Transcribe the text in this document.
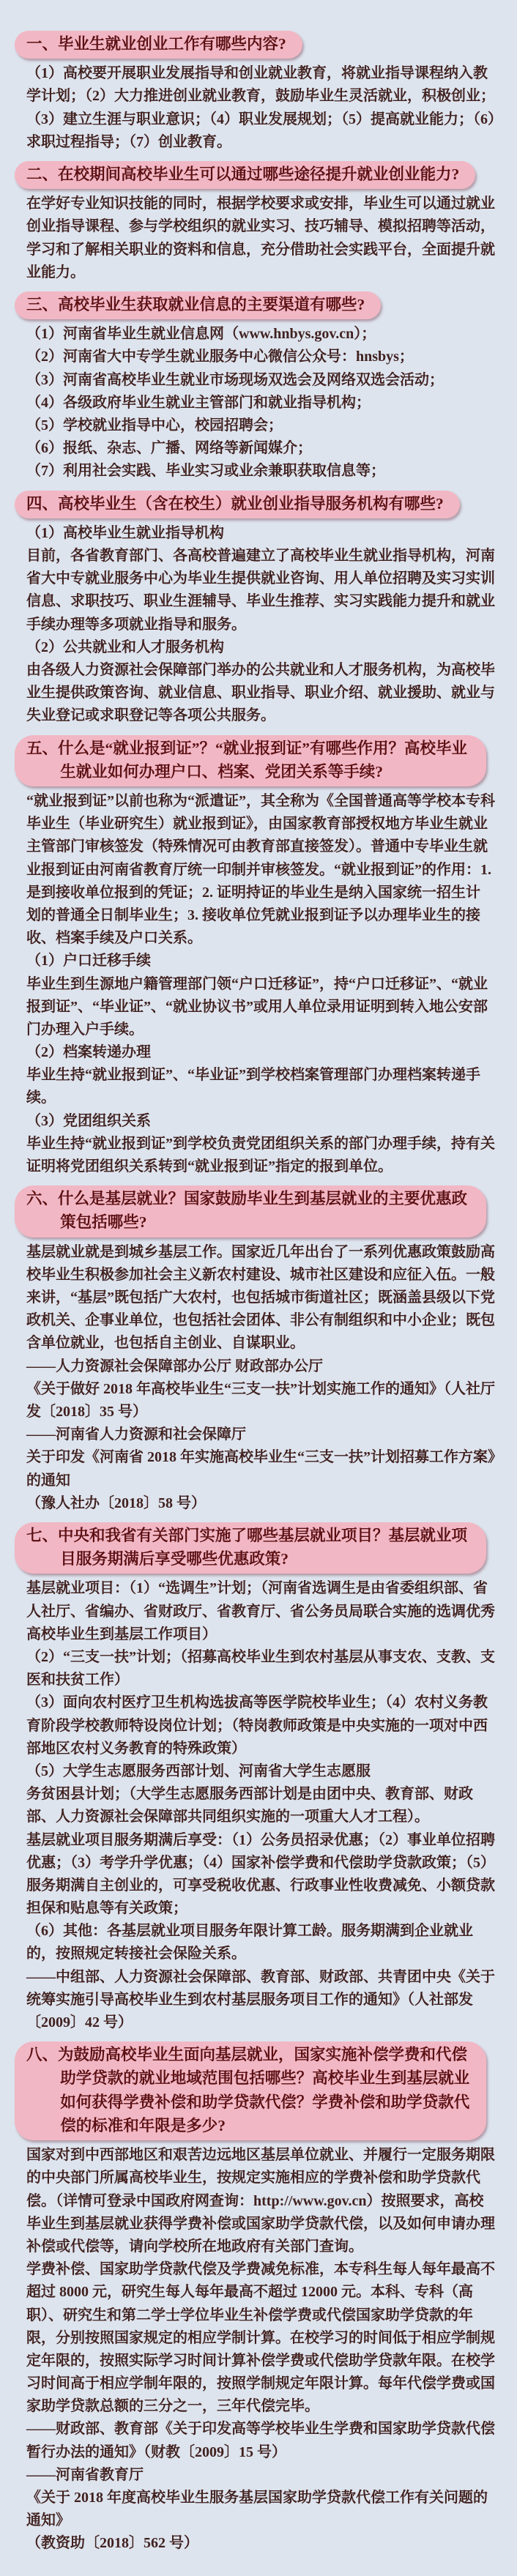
一、毕业生就业创业工作有哪些内容?

（1）高校要开展职业发展指导和创业就业教育，将就业指导课程纳入教学计划；（2）大力推进创业就业教育，鼓励毕业生灵活就业，积极创业；（3）建立生涯与职业意识；（4）职业发展规划；（5）提高就业能力；（6）求职过程指导；（7）创业教育。

二、在校期间高校毕业生可以通过哪些途径提升就业创业能力?

在学好专业知识技能的同时，根据学校要求或安排，毕业生可以通过就业创业指导课程、参与学校组织的就业实习、技巧辅导、模拟招聘等活动，学习和了解相关职业的资料和信息，充分借助社会实践平台，全面提升就业能力。

三、高校毕业生获取就业信息的主要渠道有哪些?

（1）河南省毕业生就业信息网（www.hnbys.gov.cn）；

（2）河南省大中专学生就业服务中心微信公众号：hnsbys；

（3）河南省高校毕业生就业市场现场双选会及网络双选会活动；

（4）各级政府毕业生就业主管部门和就业指导机构；

（5）学校就业指导中心，校园招聘会；

（6）报纸、杂志、广播、网络等新闻媒介；

（7）利用社会实践、毕业实习或业余兼职获取信息等；

四、高校毕业生（含在校生）就业创业指导服务机构有哪些?

（1）高校毕业生就业指导机构

目前，各省教育部门、各高校普遍建立了高校毕业生就业指导机构，河南省大中专就业服务中心为毕业生提供就业咨询、用人单位招聘及实习实训信息、求职技巧、职业生涯辅导、毕业生推荐、实习实践能力提升和就业手续办理等多项就业指导和服务。

（2）公共就业和人才服务机构

由各级人力资源社会保障部门举办的公共就业和人才服务机构，为高校毕业生提供政策咨询、就业信息、职业指导、职业介绍、就业援助、就业与失业登记或求职登记等各项公共服务。

五、什么是“就业报到证”？“就业报到证”有哪些作用？高校毕业生就业如何办理户口、档案、党团关系等手续?

“就业报到证”以前也称为“派遣证”，其全称为《全国普通高等学校本专科毕业生（毕业研究生）就业报到证》，由国家教育部授权地方毕业生就业主管部门审核签发（特殊情况可由教育部直接签发）。普通中专毕业生就业报到证由河南省教育厅统一印制并审核签发。“就业报到证”的作用：1. 是到接收单位报到的凭证；2. 证明持证的毕业生是纳入国家统一招生计

划的普通全日制毕业生；3. 接收单位凭就业报到证予以办理毕业生的接收、档案手续及户口关系。

（1）户口迁移手续

毕业生到生源地户籍管理部门领“户口迁移证”，持“户口迁移证”、“就业报到证”、“毕业证”、“就业协议书”或用人单位录用证明到转入地公安部门办理入户手续。

（2）档案转递办理

毕业生持“就业报到证”、“毕业证”到学校档案管理部门办理档案转递手续。

（3）党团组织关系

毕业生持“就业报到证”到学校负责党团组织关系的部门办理手续，持有关证明将党团组织关系转到“就业报到证”指定的报到单位。

六、什么是基层就业？国家鼓励毕业生到基层就业的主要优惠政策包括哪些?

基层就业就是到城乡基层工作。国家近几年出台了一系列优惠政策鼓励高校毕业生积极参加社会主义新农村建设、城市社区建设和应征入伍。一般来讲，“基层”既包括广大农村，也包括城市街道社区；既涵盖县级以下党政机关、企事业单位，也包括社会团体、非公有制组织和中小企业；既包含单位就业，也包括自主创业、自谋职业。

——人力资源社会保障部办公厅 财政部办公厅

《关于做好 2018 年高校毕业生“三支一扶”计划实施工作的通知》（人社厅发〔2018〕35 号）

——河南省人力资源和社会保障厅

关于印发《河南省 2018 年实施高校毕业生“三支一扶”计划招募工作方案》的通知

（豫人社办〔2018〕58 号）

七、中央和我省有关部门实施了哪些基层就业项目？基层就业项目服务期满后享受哪些优惠政策?

基层就业项目：（1）“选调生”计划；（河南省选调生是由省委组织部、省人社厅、省编办、省财政厅、省教育厅、省公务员局联合实施的选调优秀高校毕业生到基层工作项目）

（2）“三支一扶”计划；（招募高校毕业生到农村基层从事支农、支教、支医和扶贫工作）

（3）面向农村医疗卫生机构选拔高等医学院校毕业生；（4）农村义务教育阶段学校教师特设岗位计划；（特岗教师政策是中央实施的一项对中西部地区农村义务教育的特殊政策）

（5）大学生志愿服务西部计划、河南省大学生志愿服

务贫困县计划；（大学生志愿服务西部计划是由团中央、教育部、财政部、人力资源社会保障部共同组织实施的一项重大人才工程）。

基层就业项目服务期满后享受：（1）公务员招录优惠；（2）事业单位招聘优惠；（3）考学升学优惠；（4）国家补偿学费和代偿助学贷款政策；（5）服务期满自主创业的，可享受税收优惠、行政事业性收费减免、小额贷款担保和贴息等有关政策；

（6）其他：各基层就业项目服务年限计算工龄。服务期满到企业就业的，按照规定转接社会保险关系。

——中组部、人力资源社会保障部、教育部、财政部、共青团中央《关于统筹实施引导高校毕业生到农村基层服务项目工作的通知》（人社部发〔2009〕42 号）

八、为鼓励高校毕业生面向基层就业，国家实施补偿学费和代偿助学贷款的就业地域范围包括哪些？高校毕业生到基层就业如何获得学费补偿和助学贷款代偿？学费补偿和助学贷款代偿的标准和年限是多少?

国家对到中西部地区和艰苦边远地区基层单位就业、并履行一定服务期限的中央部门所属高校毕业生，按规定实施相应的学费补偿和助学贷款代偿。（详情可登录中国政府网查询：http://www.gov.cn）按照要求，高校毕业生到基层就业获得学费补偿或国家助学贷款代偿，以及如何申请办理补偿或代偿等，请向学校所在地政府有关部门查询。

学费补偿、国家助学贷款代偿及学费减免标准，本专科生每人每年最高不超过 8000 元，研究生每人每年最高不超过 12000 元。本科、专科（高职）、研究生和第二学士学位毕业生补偿学费或代偿国家助学贷款的年限，分别按照国家规定的相应学制计算。在校学习的时间低于相应学制规定年限的，按照实际学习时间计算补偿学费或代偿助学贷款年限。在校学习时间高于相应学制年限的，按照学制规定年限计算。每年代偿学费或国家助学贷款总额的三分之一，三年代偿完毕。

——财政部、教育部《关于印发高等学校毕业生学费和国家助学贷款代偿暂行办法的通知》（财教〔2009〕15 号）

——河南省教育厅

《关于 2018 年度高校毕业生服务基层国家助学贷款代偿工作有关问题的通知》

（教资助〔2018〕562 号）
